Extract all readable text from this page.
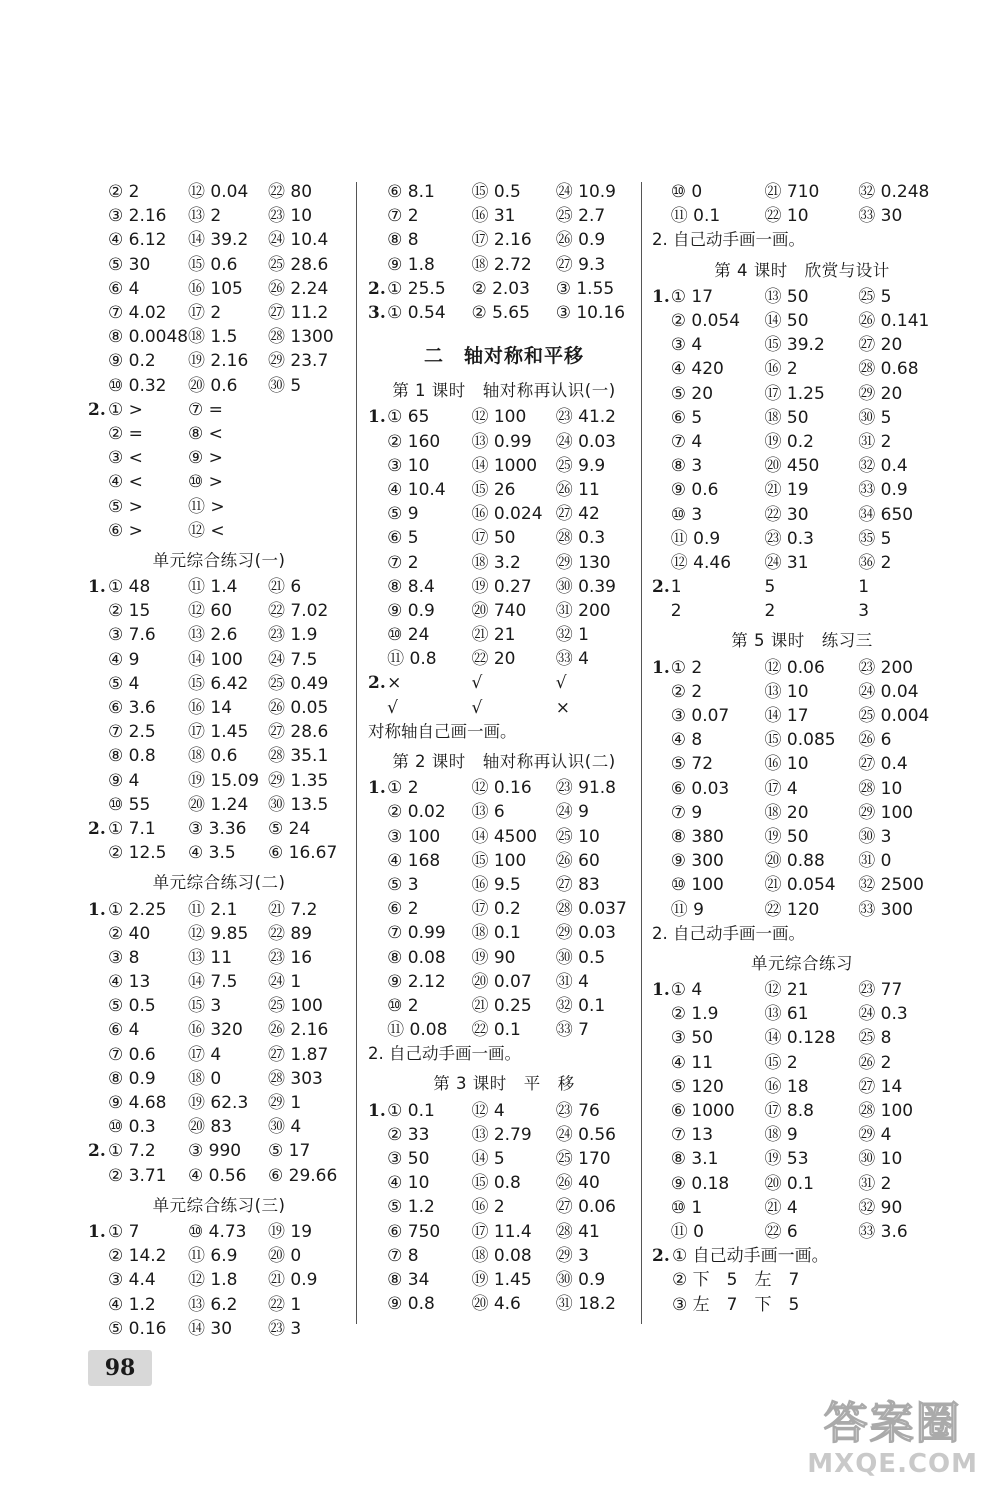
② 2	⑫ 0.04	㉒ 80
③ 2.16	⑬ 2	㉓ 10
④ 6.12	⑭ 39.2	㉔ 10.4
⑤ 30	⑮ 0.6	㉕ 28.6
⑥ 4	⑯ 105	㉖ 2.24
⑦ 4.02	⑰ 2	㉗ 11.2
⑧ 0.0048 ⑱ 1.5	㉘ 1300
⑨ 0.2	⑲ 2.16	㉙ 23.7
⑩ 0.32	⑳ 0.6	㉚ 5
2. ① >	⑦ =
② =	⑧ <
③ <	⑨ >
④ <	⑩ >
⑤ >	⑪ >
⑥ >	⑫ <
单元综合练习(一)
1. ① 48	⑪ 1.4	㉑ 6
② 15	⑫ 60	㉒ 7.02
③ 7.6	⑬ 2.6	㉓ 1.9
④ 9	⑭ 100	㉔ 7.5
⑤ 4	⑮ 6.42	㉕ 0.49
⑥ 3.6	⑯ 14	㉖ 0.05
⑦ 2.5	⑰ 1.45	㉗ 28.6
⑧ 0.8	⑱ 0.6	㉘ 35.1
⑨ 4	⑲ 15.09 ㉙ 1.35
⑩ 55	⑳ 1.24	㉚ 13.5
2. ① 7.1	③ 3.36	⑤ 24
② 12.5	④ 3.5	⑥ 16.67
单元综合练习(二)
1. ① 2.25	⑪ 2.1	㉑ 7.2
② 40	⑫ 9.85	㉒ 89
③ 8	⑬ 11	㉓ 16
④ 13	⑭ 7.5	㉔ 1
⑤ 0.5	⑮ 3	㉕ 100
⑥ 4	⑯ 320	㉖ 2.16
⑦ 0.6	⑰ 4	㉗ 1.87
⑧ 0.9	⑱ 0	㉘ 303
⑨ 4.68	⑲ 62.3	㉙ 1
⑩ 0.3	⑳ 83	㉚ 4
2. ① 7.2	③ 990	⑤ 17
② 3.71	④ 0.56	⑥ 29.66
单元综合练习(三)
1. ① 7	⑩ 4.73	⑲ 19
② 14.2	⑪ 6.9	⑳ 0
③ 4.4	⑫ 1.8	㉑ 0.9
④ 1.2	⑬ 6.2	㉒ 1
⑤ 0.16	⑭ 30	㉓ 3
⑥ 8.1	⑮ 0.5	㉔ 10.9
⑦ 2	⑯ 31	㉕ 2.7
⑧ 8	⑰ 2.16	㉖ 0.9
⑨ 1.8	⑱ 2.72	㉗ 9.3
2. ① 25.5	② 2.03	③ 1.55
3. ① 0.54	② 5.65	③ 10.16
二　轴对称和平移
第 1 课时　轴对称再认识(一)
1. ① 65	⑫ 100	㉓ 41.2
② 160	⑬ 0.99	㉔ 0.03
③ 10	⑭ 1000	㉕ 9.9
④ 10.4	⑮ 26	㉖ 11
⑤ 9	⑯ 0.024 ㉗ 42
⑥ 5	⑰ 50	㉘ 0.3
⑦ 2	⑱ 3.2	㉙ 130
⑧ 8.4	⑲ 0.27	㉚ 0.39
⑨ 0.9	⑳ 740	㉛ 200
⑩ 24	㉑ 21	㉜ 1
⑪ 0.8	㉒ 20	㉝ 4
2. ×	√	√
√	√	×
对称轴自己画一画。
第 2 课时　轴对称再认识(二)
1. ① 2	⑫ 0.16	㉓ 91.8
② 0.02	⑬ 6	㉔ 9
③ 100	⑭ 4500	㉕ 10
④ 168	⑮ 100	㉖ 60
⑤ 3	⑯ 9.5	㉗ 83
⑥ 2	⑰ 0.2	㉘ 0.037
⑦ 0.99	⑱ 0.1	㉙ 0.03
⑧ 0.08	⑲ 90	㉚ 0.5
⑨ 2.12	⑳ 0.07	㉛ 4
⑩ 2	㉑ 0.25	㉜ 0.1
⑪ 0.08	㉒ 0.1	㉝ 7
2. 自己动手画一画。
第 3 课时　平　移
1. ① 0.1	⑫ 4	㉓ 76
② 33	⑬ 2.79	㉔ 0.56
③ 50	⑭ 5	㉕ 170
④ 10	⑮ 0.8	㉖ 40
⑤ 1.2	⑯ 2	㉗ 0.06
⑥ 750	⑰ 11.4	㉘ 41
⑦ 8	⑱ 0.08	㉙ 3
⑧ 34	⑲ 1.45	㉚ 0.9
⑨ 0.8	⑳ 4.6	㉛ 18.2
⑩ 0	㉑ 710	㉜ 0.248
⑪ 0.1	㉒ 10	㉝ 30
2. 自己动手画一画。
第 4 课时　欣赏与设计
1. ① 17	⑬ 50	㉕ 5
② 0.054	⑭ 50	㉖ 0.141
③ 4	⑮ 39.2	㉗ 20
④ 420	⑯ 2	㉘ 0.68
⑤ 20	⑰ 1.25	㉙ 20
⑥ 5	⑱ 50	㉚ 5
⑦ 4	⑲ 0.2	㉛ 2
⑧ 3	⑳ 450	㉜ 0.4
⑨ 0.6	㉑ 19	㉝ 0.9
⑩ 3	㉒ 30	㉞ 650
⑪ 0.9	㉓ 0.3	㉟ 5
⑫ 4.46	㉔ 31	㊱ 2
2. 1	5	1
2	2	3
第 5 课时　练习三
1. ① 2	⑫ 0.06	㉓ 200
② 2	⑬ 10	㉔ 0.04
③ 0.07	⑭ 17	㉕ 0.004
④ 8	⑮ 0.085	㉖ 6
⑤ 72	⑯ 10	㉗ 0.4
⑥ 0.03	⑰ 4	㉘ 10
⑦ 9	⑱ 20	㉙ 100
⑧ 380	⑲ 50	㉚ 3
⑨ 300	⑳ 0.88	㉛ 0
⑩ 100	㉑ 0.054	㉜ 2500
⑪ 9	㉒ 120	㉝ 300
2. 自己动手画一画。
单元综合练习
1. ① 4	⑫ 21	㉓ 77
② 1.9	⑬ 61	㉔ 0.3
③ 50	⑭ 0.128	㉕ 8
④ 11	⑮ 2	㉖ 2
⑤ 120	⑯ 18	㉗ 14
⑥ 1000	⑰ 8.8	㉘ 100
⑦ 13	⑱ 9	㉙ 4
⑧ 3.1	⑲ 53	㉚ 10
⑨ 0.18	⑳ 0.1	㉛ 2
⑩ 1	㉑ 4	㉜ 90
⑪ 0	㉒ 6	㉝ 3.6
2. ① 自己动手画一画。
② 下　5　左　7
③ 左　7　下　5
98
答案圈
MXQE.COM
